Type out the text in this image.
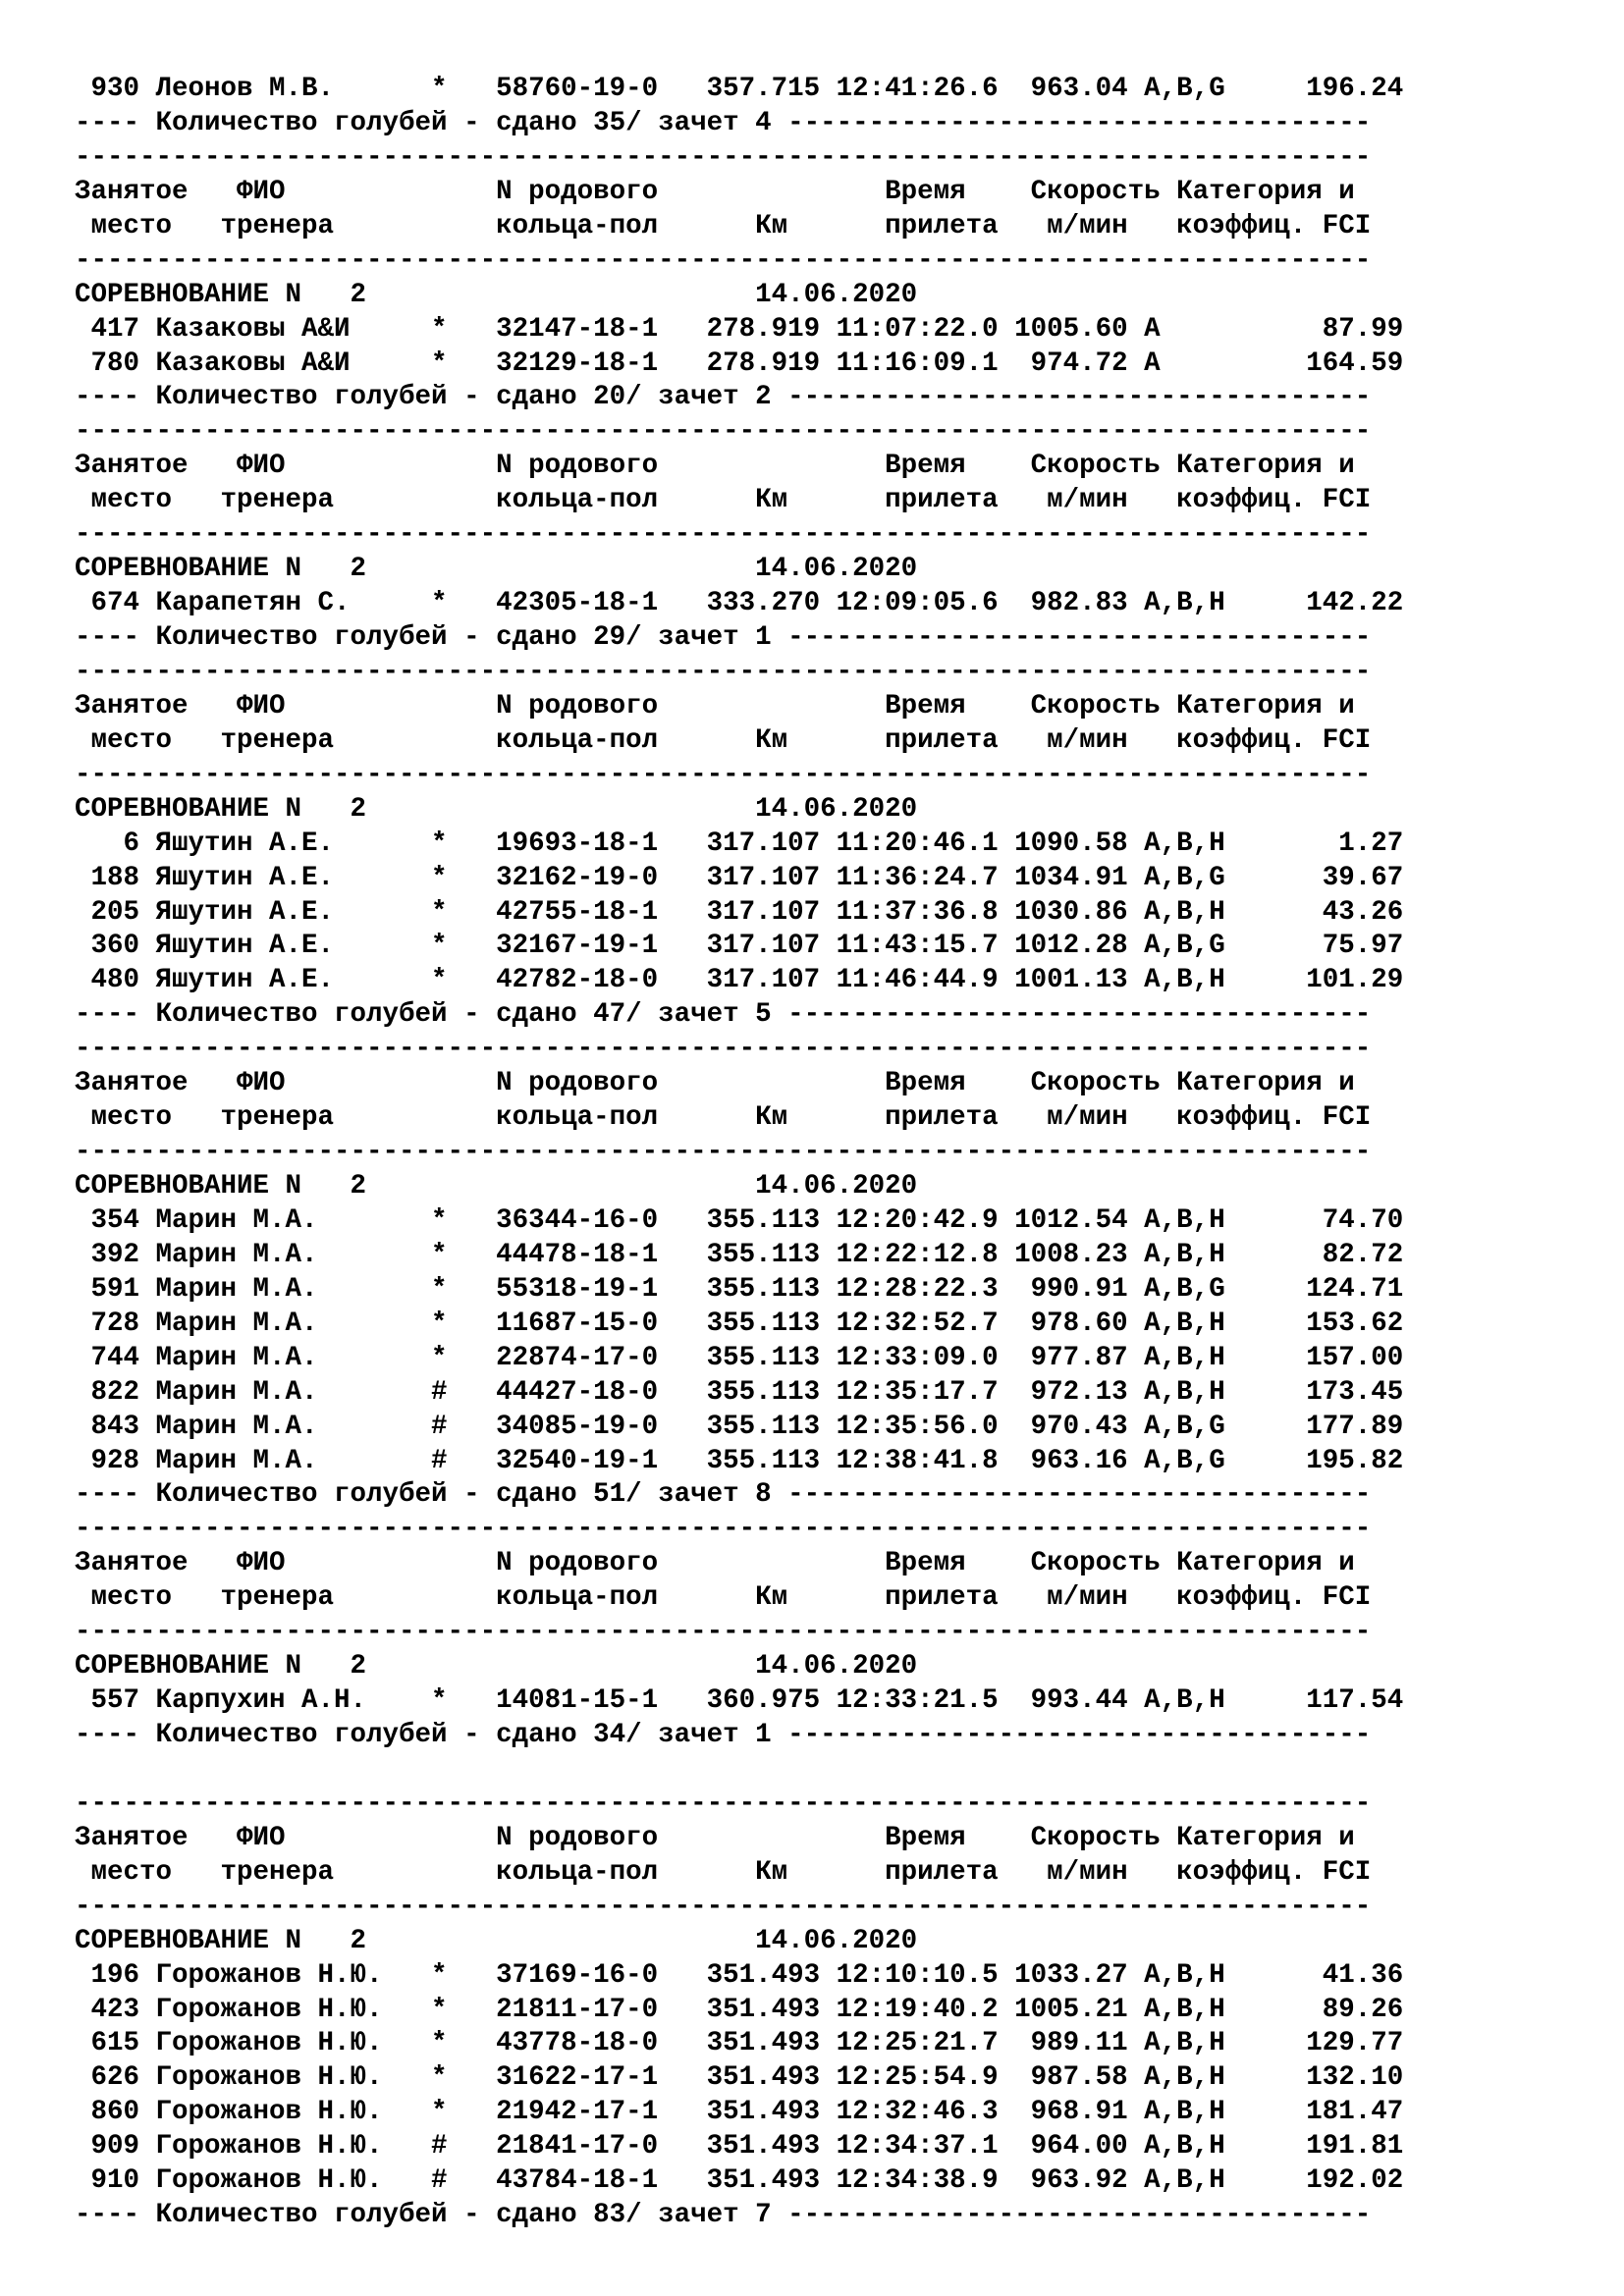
930 Леонов М.В.      *   58760-19-0   357.715 12:41:26.6  963.04 A,B,G     196.24
---- Количество голубей - сдано 35/ зачет 4 ------------------------------------
--------------------------------------------------------------------------------
Занятое   ФИО             N родового              Время    Скорость Категория и
место   тренера          кольца-пол      Км      прилета   м/мин   коэффиц. FCI
--------------------------------------------------------------------------------
СОРЕВНОВАНИЕ N   2                        14.06.2020
417 Казаковы А&И     *   32147-18-1   278.919 11:07:22.0 1005.60 A          87.99
780 Казаковы А&И     *   32129-18-1   278.919 11:16:09.1  974.72 A         164.59
---- Количество голубей - сдано 20/ зачет 2 ------------------------------------
--------------------------------------------------------------------------------
Занятое   ФИО             N родового              Время    Скорость Категория и
место   тренера          кольца-пол      Км      прилета   м/мин   коэффиц. FCI
--------------------------------------------------------------------------------
СОРЕВНОВАНИЕ N   2                        14.06.2020
674 Карапетян С.     *   42305-18-1   333.270 12:09:05.6  982.83 A,B,H     142.22
---- Количество голубей - сдано 29/ зачет 1 ------------------------------------
--------------------------------------------------------------------------------
Занятое   ФИО             N родового              Время    Скорость Категория и
место   тренера          кольца-пол      Км      прилета   м/мин   коэффиц. FCI
--------------------------------------------------------------------------------
СОРЕВНОВАНИЕ N   2                        14.06.2020
6 Яшутин А.Е.      *   19693-18-1   317.107 11:20:46.1 1090.58 A,B,H       1.27
188 Яшутин А.Е.      *   32162-19-0   317.107 11:36:24.7 1034.91 A,B,G      39.67
205 Яшутин А.Е.      *   42755-18-1   317.107 11:37:36.8 1030.86 A,B,H      43.26
360 Яшутин А.Е.      *   32167-19-1   317.107 11:43:15.7 1012.28 A,B,G      75.97
480 Яшутин А.Е.      *   42782-18-0   317.107 11:46:44.9 1001.13 A,B,H     101.29
---- Количество голубей - сдано 47/ зачет 5 ------------------------------------
--------------------------------------------------------------------------------
Занятое   ФИО             N родового              Время    Скорость Категория и
место   тренера          кольца-пол      Км      прилета   м/мин   коэффиц. FCI
--------------------------------------------------------------------------------
СОРЕВНОВАНИЕ N   2                        14.06.2020
354 Марин М.А.       *   36344-16-0   355.113 12:20:42.9 1012.54 A,B,H      74.70
392 Марин М.А.       *   44478-18-1   355.113 12:22:12.8 1008.23 A,B,H      82.72
591 Марин М.А.       *   55318-19-1   355.113 12:28:22.3  990.91 A,B,G     124.71
728 Марин М.А.       *   11687-15-0   355.113 12:32:52.7  978.60 A,B,H     153.62
744 Марин М.А.       *   22874-17-0   355.113 12:33:09.0  977.87 A,B,H     157.00
822 Марин М.А.       #   44427-18-0   355.113 12:35:17.7  972.13 A,B,H     173.45
843 Марин М.А.       #   34085-19-0   355.113 12:35:56.0  970.43 A,B,G     177.89
928 Марин М.А.       #   32540-19-1   355.113 12:38:41.8  963.16 A,B,G     195.82
---- Количество голубей - сдано 51/ зачет 8 ------------------------------------
--------------------------------------------------------------------------------
Занятое   ФИО             N родового              Время    Скорость Категория и
место   тренера          кольца-пол      Км      прилета   м/мин   коэффиц. FCI
--------------------------------------------------------------------------------
СОРЕВНОВАНИЕ N   2                        14.06.2020
557 Карпухин А.Н.    *   14081-15-1   360.975 12:33:21.5  993.44 A,B,H     117.54
---- Количество голубей - сдано 34/ зачет 1 ------------------------------------
--------------------------------------------------------------------------------
Занятое   ФИО             N родового              Время    Скорость Категория и
место   тренера          кольца-пол      Км      прилета   м/мин   коэффиц. FCI
--------------------------------------------------------------------------------
СОРЕВНОВАНИЕ N   2                        14.06.2020
196 Горожанов Н.Ю.   *   37169-16-0   351.493 12:10:10.5 1033.27 A,B,H      41.36
423 Горожанов Н.Ю.   *   21811-17-0   351.493 12:19:40.2 1005.21 A,B,H      89.26
615 Горожанов Н.Ю.   *   43778-18-0   351.493 12:25:21.7  989.11 A,B,H     129.77
626 Горожанов Н.Ю.   *   31622-17-1   351.493 12:25:54.9  987.58 A,B,H     132.10
860 Горожанов Н.Ю.   *   21942-17-1   351.493 12:32:46.3  968.91 A,B,H     181.47
909 Горожанов Н.Ю.   #   21841-17-0   351.493 12:34:37.1  964.00 A,B,H     191.81
910 Горожанов Н.Ю.   #   43784-18-1   351.493 12:34:38.9  963.92 A,B,H     192.02
---- Количество голубей - сдано 83/ зачет 7 ------------------------------------
